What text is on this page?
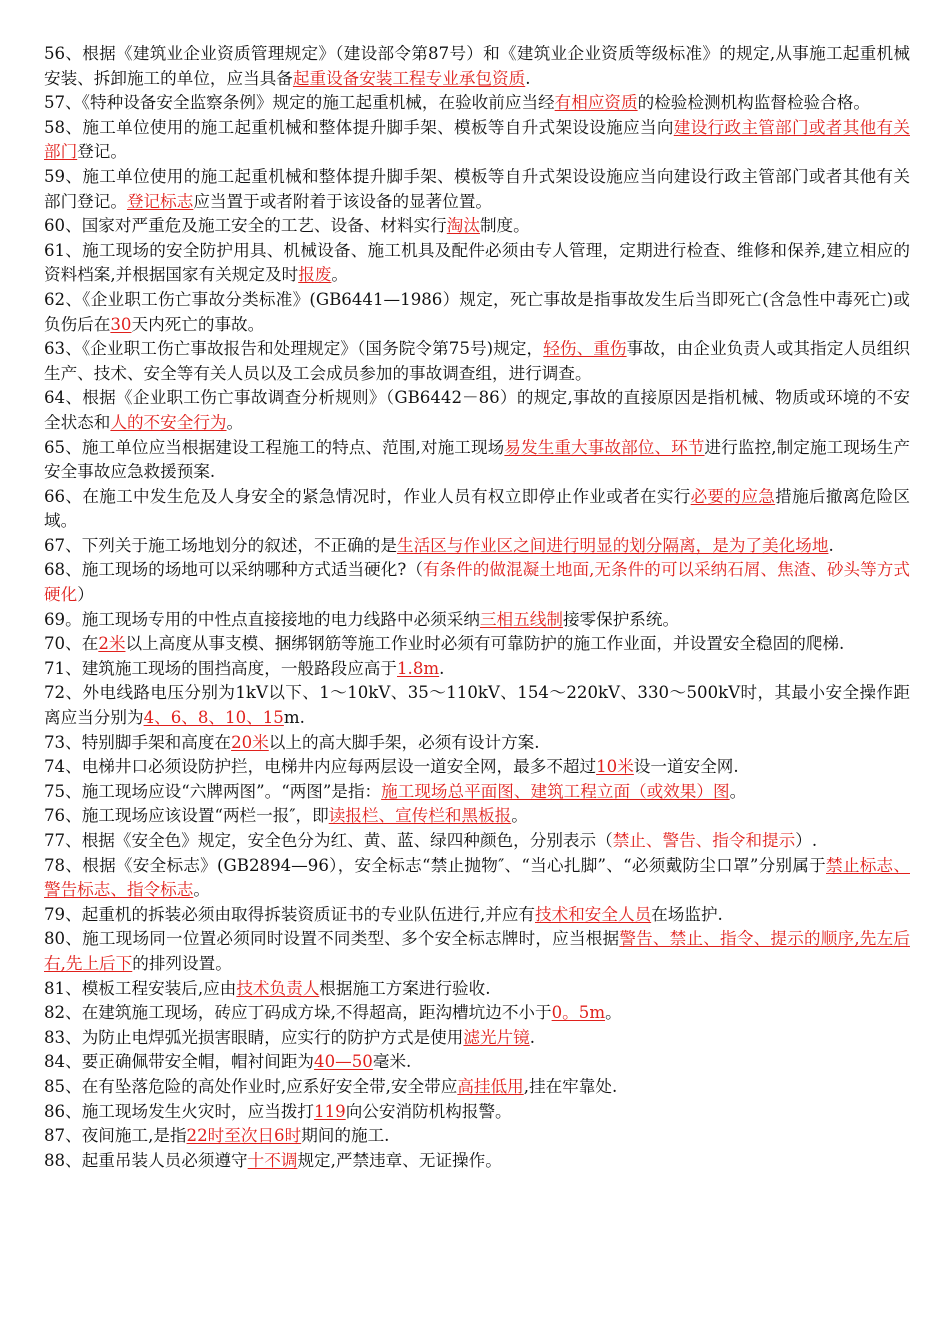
56、根据《建筑业企业资质管理规定》（建设部令第87号）和《建筑业企业资质等级标准》的规定,从事施工起重机械安装、拆卸施工的单位，应当具备起重设备安装工程专业承包资质.

57、《特种设备安全监察条例》规定的施工起重机械，在验收前应当经有相应资质的检验检测机构监督检验合格。

58、施工单位使用的施工起重机械和整体提升脚手架、模板等自升式架设设施应当向建设行政主管部门或者其他有关部门登记。

59、施工单位使用的施工起重机械和整体提升脚手架、模板等自升式架设设施应当向建设行政主管部门或者其他有关部门登记。登记标志应当置于或者附着于该设备的显著位置。

60、国家对严重危及施工安全的工艺、设备、材料实行淘汰制度。

61、施工现场的安全防护用具、机械设备、施工机具及配件必须由专人管理，定期进行检查、维修和保养,建立相应的资料档案,并根据国家有关规定及时报废。

62、《企业职工伤亡事故分类标准》(GB6441—1986）规定，死亡事故是指事故发生后当即死亡(含急性中毒死亡)或负伤后在30天内死亡的事故。

63、《企业职工伤亡事故报告和处理规定》（国务院令第75号)规定，轻伤、重伤事故，由企业负责人或其指定人员组织生产、技术、安全等有关人员以及工会成员参加的事故调查组，进行调查。

64、根据《企业职工伤亡事故调查分析规则》（GB6442－86）的规定,事故的直接原因是指机械、物质或环境的不安全状态和人的不安全行为。

65、施工单位应当根据建设工程施工的特点、范围,对施工现场易发生重大事故部位、环节进行监控,制定施工现场生产安全事故应急救援预案.

66、在施工中发生危及人身安全的紧急情况时，作业人员有权立即停止作业或者在实行必要的应急措施后撤离危险区域。

67、下列关于施工场地划分的叙述，不正确的是生活区与作业区之间进行明显的划分隔离，是为了美化场地.

68、施工现场的场地可以采纳哪种方式适当硬化?（有条件的做混凝土地面,无条件的可以采纳石屑、焦渣、砂头等方式硬化）

69。施工现场专用的中性点直接接地的电力线路中必须采纳三相五线制接零保护系统。

70、在2米以上高度从事支模、捆绑钢筋等施工作业时必须有可靠防护的施工作业面，并设置安全稳固的爬梯.

71、建筑施工现场的围挡高度，一般路段应高于1.8m.

72、外电线路电压分别为1kV以下、1～10kV、35～110kV、154～220kV、330～500kV时，其最小安全操作距离应当分别为4、6、8、10、15m.

73、特别脚手架和高度在20米以上的高大脚手架，必须有设计方案.

74、电梯井口必须设防护拦，电梯井内应每两层设一道安全网，最多不超过10米设一道安全网.

75、施工现场应设“六牌两图”。“两图”是指：施工现场总平面图、建筑工程立面（或效果）图。

76、施工现场应该设置“两栏一报″，即读报栏、宣传栏和黑板报。

77、根据《安全色》规定，安全色分为红、黄、蓝、绿四种颜色，分别表示（禁止、警告、指令和提示）.

78、根据《安全标志》(GB2894—96），安全标志“禁止抛物″、“当心扎脚”、“必须戴防尘口罩”分别属于禁止标志、警告标志、指令标志。

79、起重机的拆装必须由取得拆装资质证书的专业队伍进行,并应有技术和安全人员在场监护.

80、施工现场同一位置必须同时设置不同类型、多个安全标志牌时，应当根据警告、禁止、指令、提示的顺序,先左后右,先上后下的排列设置。

81、模板工程安装后,应由技术负责人根据施工方案进行验收.

82、在建筑施工现场，砖应丁码成方垛,不得超高，距沟槽坑边不小于0。5m。

83、为防止电焊弧光损害眼睛，应实行的防护方式是使用滤光片镜.

84、要正确佩带安全帽，帽衬间距为40—50毫米.

85、在有坠落危险的高处作业时,应系好安全带,安全带应高挂低用,挂在牢靠处.

86、施工现场发生火灾时，应当拨打119向公安消防机构报警。

87、夜间施工,是指22时至次日6时期间的施工.

88、起重吊装人员必须遵守十不调规定,严禁违章、无证操作。
